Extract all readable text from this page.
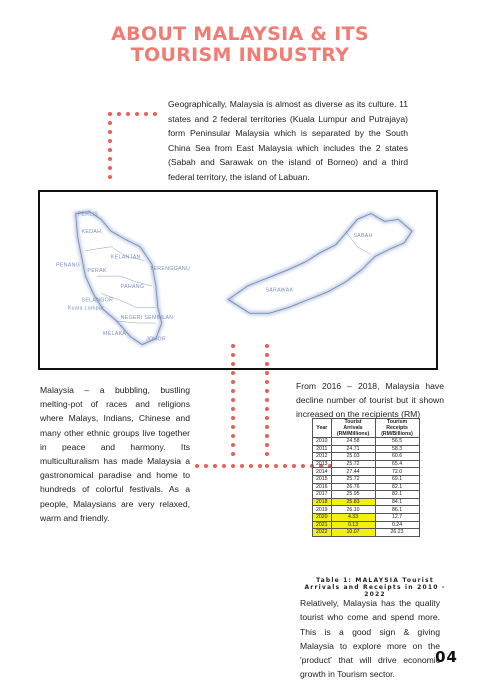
ABOUT MALAYSIA & ITS
TOURISM INDUSTRY
Geographically, Malaysia is almost as diverse as its culture. 11 states and 2 federal territories (Kuala Lumpur and Putrajaya) form Peninsular Malaysia which is separated by the South China Sea from East Malaysia which includes the 2 states (Sabah and Sarawak on the island of Borneo) and a third federal territory, the island of Labuan.
PERLIS
KEDAH
PENANG
PERAK
KELANTAN
TERENGGANU
PAHANG
SELANGOR
Kuala Lumpur
NEGERI SEMBILAN
MELAKA
JOHOR
SABAH
SARAWAK
Malaysia – a bubbling, bustling melting-pot of races and religions where Malays, Indians, Chinese and many other ethnic groups live together in peace and harmony. Its multiculturalism has made Malaysia a gastronomical paradise and home to hundreds of colorful festivals. As a people, Malaysians are very relaxed, warm and friendly.
From 2016 – 2018, Malaysia have decline number of tourist but it shown increased on the recipients (RM)
Year	Tourist Arrivals (RM/Millions)	Tourism Receipts (RM/Billions)
2010	24.58	56.5
2011	24.71	58.3
2012	25.03	60.6
2013	25.72	65.4
2014	27.44	72.0
2015	25.72	69.1
2016	26.76	82.1
2017	25.95	82.1
2018	25.83	84.1
2019	26.10	86.1
2020	4.33	12.7
2021	0.13	0.24
2022	10.07	26.23
Table 1: MALAYSIA Tourist Arrivals and Receipts in 2010 - 2022
Relatively, Malaysia has the quality tourist who come and spend more. This is a good sign & giving Malaysia to explore more on the 'product' that will drive economic growth in Tourism sector.
04
